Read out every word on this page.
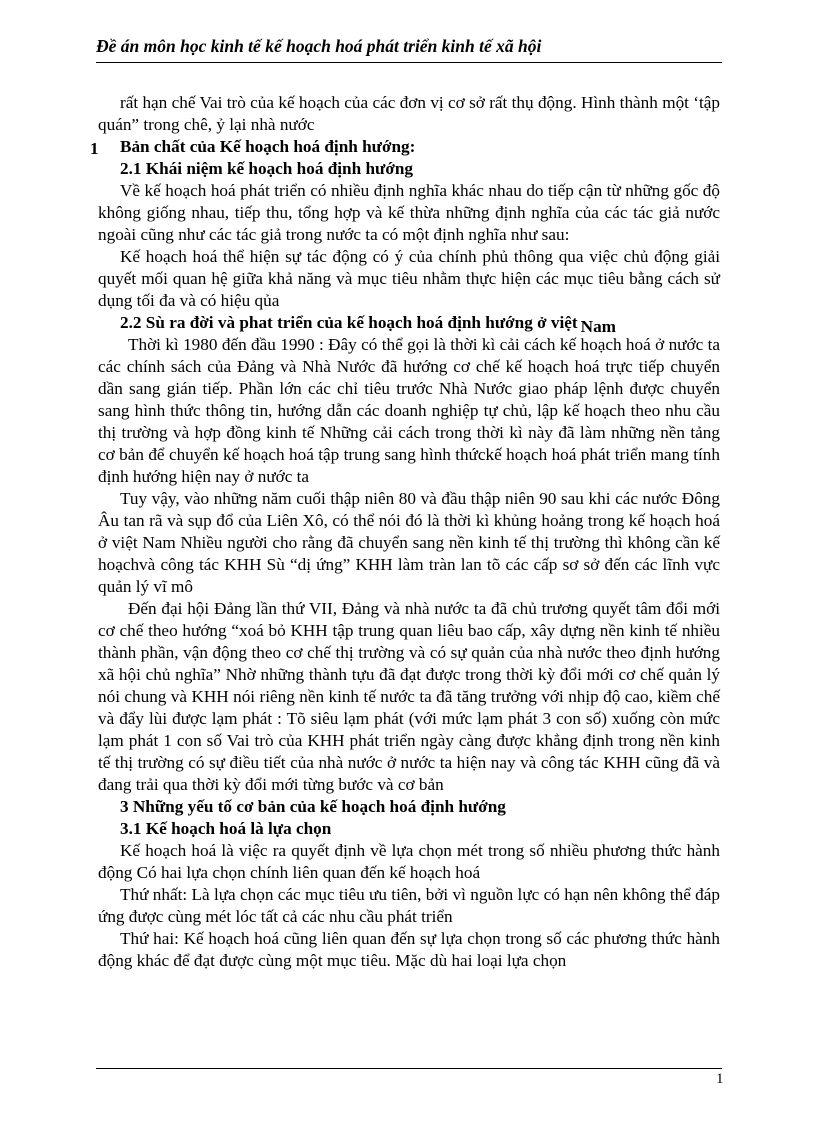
Đề án môn học kinh tế kế hoạch hoá phát triển kinh tế xã hội

rất hạn chế Vai trò của kế hoạch của các đơn vị cơ sở rất thụ động. Hình thành một ‘tập quán” trong chê, ỷ lại nhà nước

1 Bản chất của Kế hoạch hoá định hướng:
2.1 Khái niệm kế hoạch hoá định hướng

Về kế hoạch hoá phát triển có nhiều định nghĩa khác nhau do tiếp cận từ những gốc độ không giống nhau, tiếp thu, tổng hợp và kế thừa những định nghĩa của các tác giả nước ngoài cũng như các tác giả trong nước ta có một định nghĩa như sau:

Kế hoạch hoá thể hiện sự tác động có ý của chính phủ thông qua việc chủ động giải quyết mối quan hệ giữa khả năng và mục tiêu nhằm thực hiện các mục tiêu bằng cách sử dụng tối đa và có hiệu qủa

2.2 Sù ra đời và phat triển của kế hoạch hoá định hướng ở việt Nam

Thời kì 1980 đến đầu 1990 : Đây có thể gọi là thời kì cải cách kế hoạch hoá ở nước ta các chính sách của Đảng và Nhà Nước đã hướng cơ chế kế hoạch hoá trực tiếp chuyển dần sang gián tiếp. Phần lớn các chỉ tiêu trước Nhà Nước giao pháp lệnh được chuyển sang hình thức thông tin, hướng dẫn các doanh nghiệp tự chủ, lập kế hoạch theo nhu cầu thị trường và hợp đồng kinh tế Những cải cách trong thời kì này đã làm những nền tảng cơ bản để chuyển kế hoạch hoá tập trung sang hình thứckế hoạch hoá phát triển mang tính định hướng hiện nay ở nước ta

Tuy vậy, vào những năm cuối thập niên 80 và đầu thập niên 90 sau khi các nước Đông Âu tan rã và sụp đổ của Liên Xô, có thể nói đó là thời kì khủng hoảng trong kế hoạch hoá ở việt Nam Nhiều người cho rằng đã chuyển sang nền kinh tế thị trường thì không cần kế hoạchvà công tác KHH Sù “dị ứng” KHH làm tràn lan tõ các cấp sơ sở đến các lĩnh vực quản lý vĩ mô

Đến đại hội Đảng lần thứ VII, Đảng và nhà nước ta đã chủ trương quyết tâm đổi mới cơ chế theo hướng “xoá bỏ KHH tập trung quan liêu bao cấp, xây dựng nền kinh tế nhiều thành phần, vận động theo cơ chế thị trường và có sự quản của nhà nước theo định hướng xã hội chủ nghĩa” Nhờ những thành tựu đã đạt được trong thời kỳ đổi mới cơ chế quản lý nói chung và KHH nói riêng nền kinh tế nước ta đã tăng trưởng với nhịp độ cao, kiềm chế và đẩy lùi được lạm phát : Tõ siêu lạm phát (với mức lạm phát 3 con số) xuống còn mức lạm phát 1 con số Vai trò của KHH phát triển ngày càng được khẳng định trong nền kinh tế thị trường có sự điều tiết của nhà nước ở nước ta hiện nay và công tác KHH cũng đã và đang trải qua thời kỳ đổi mới từng bước và cơ bản

3 Những yếu tố cơ bản của kế hoạch hoá định hướng
3.1 Kế hoạch hoá là lựa chọn

Kế hoạch hoá là việc ra quyết định về lựa chọn mét trong số nhiều phương thức hành động Có hai lựa chọn chính liên quan đến kế hoạch hoá

Thứ nhất: Là lựa chọn các mục tiêu ưu tiên, bởi vì nguồn lực có hạn nên không thể đáp ứng được cùng mét lóc tất cả các nhu cầu phát triển

Thứ hai: Kế hoạch hoá cũng liên quan đến sự lựa chọn trong số các phương thức hành động khác để đạt được cùng một mục tiêu. Mặc dù hai loại lựa chọn

1
